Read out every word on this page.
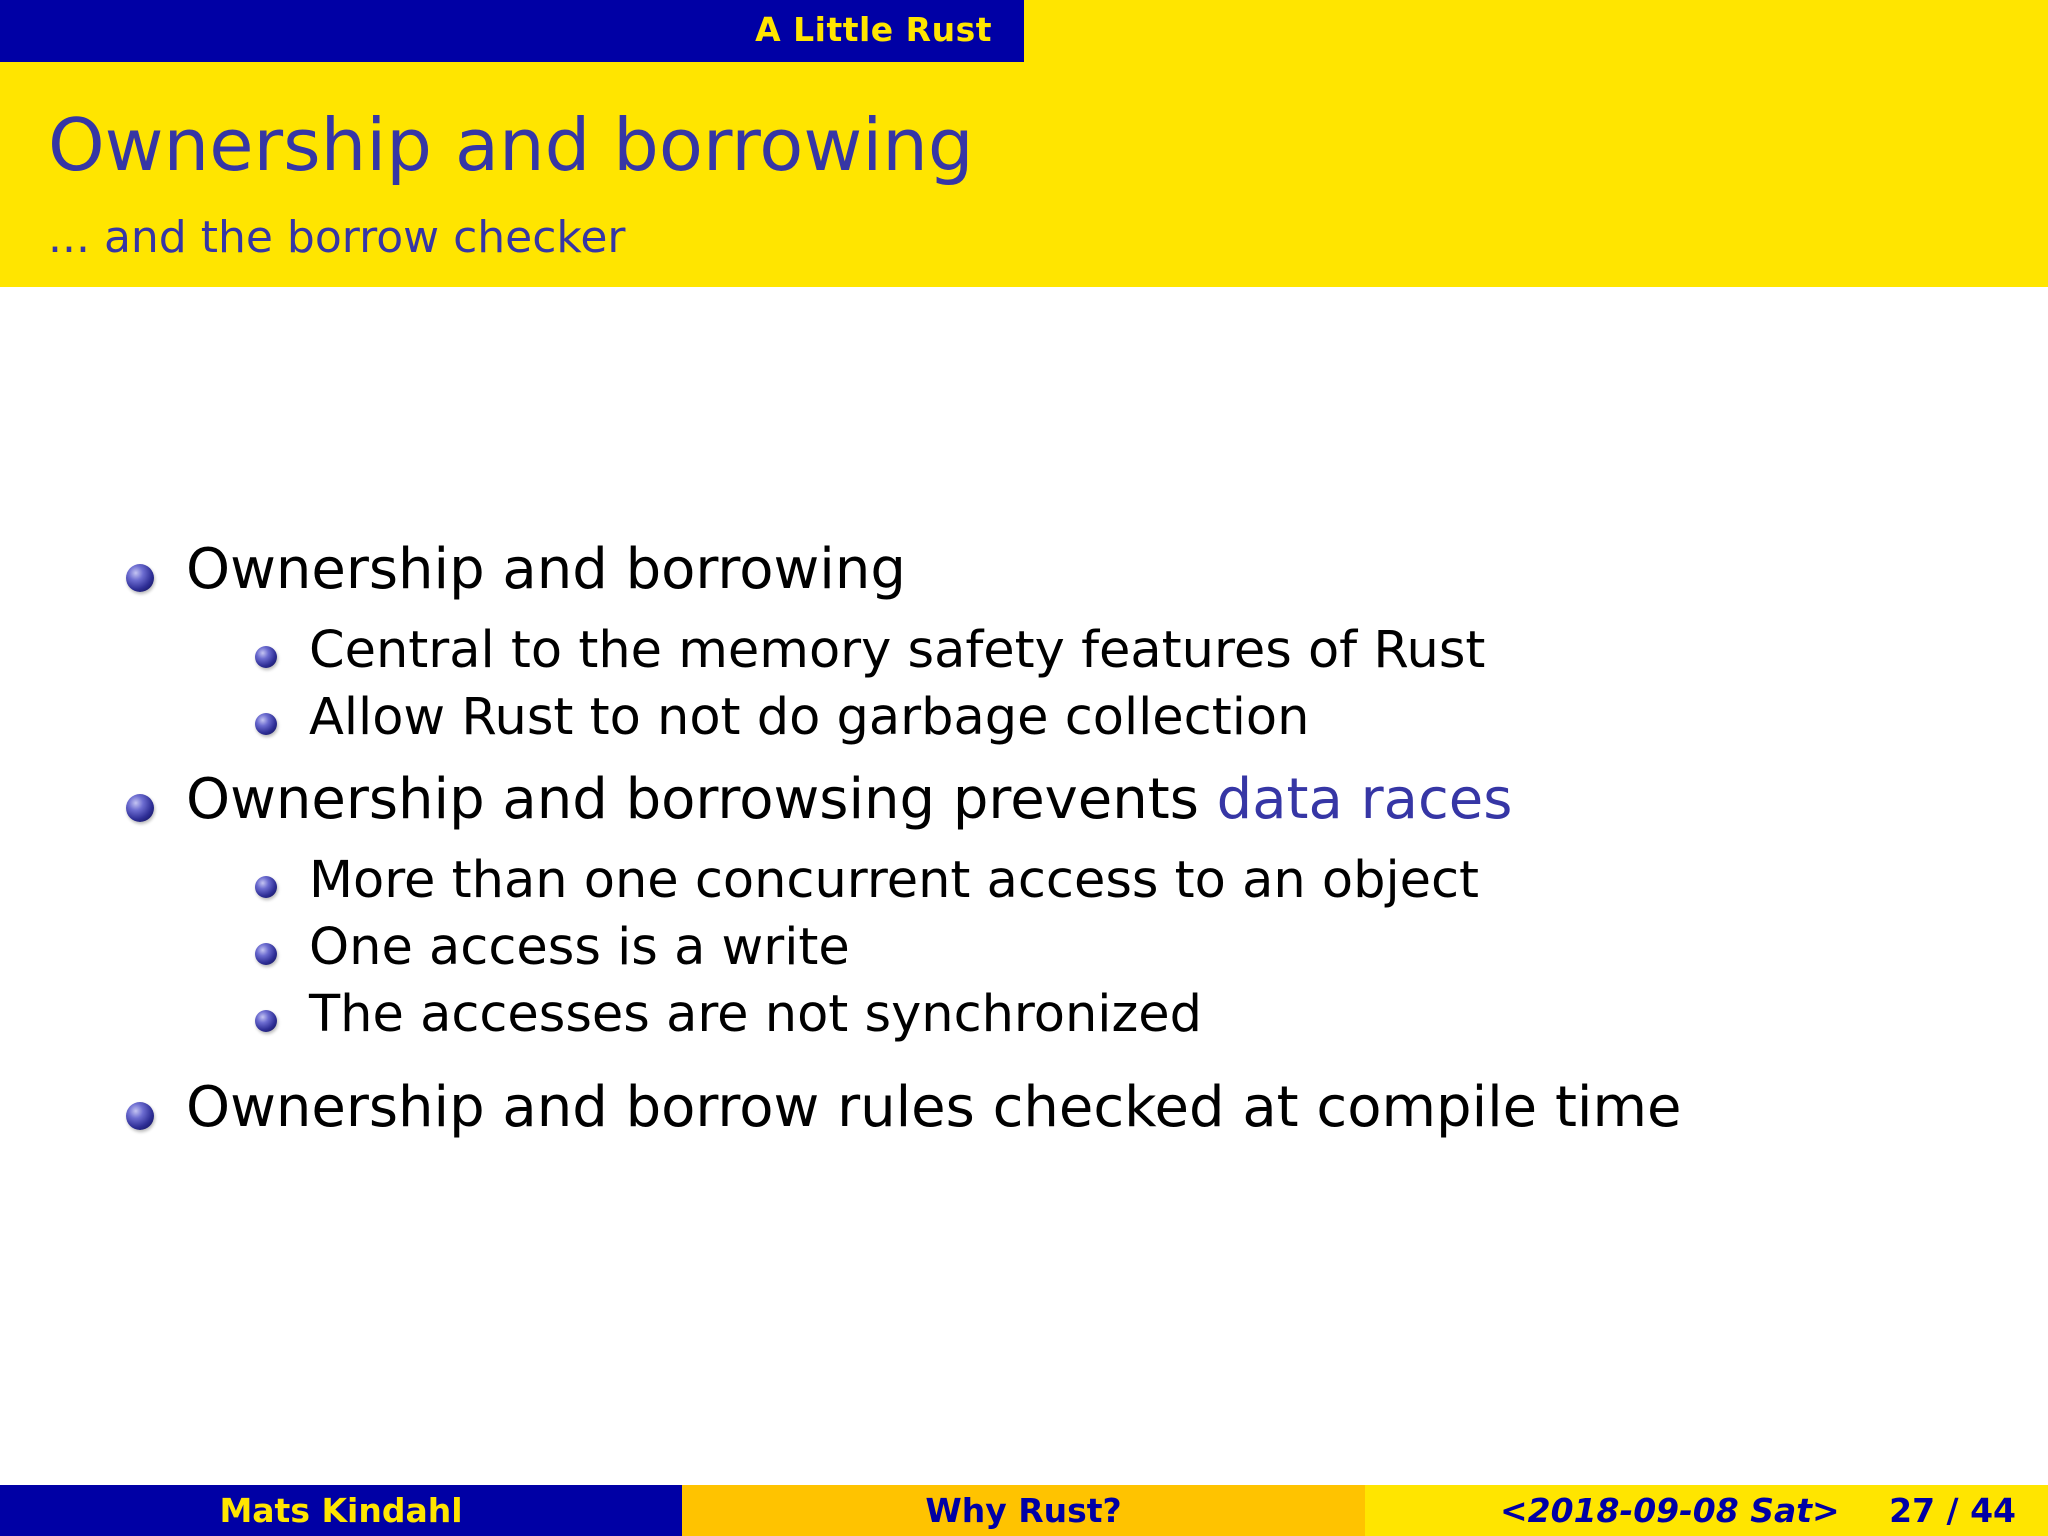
A Little Rust
Ownership and borrowing
... and the borrow checker
Ownership and borrowing
Central to the memory safety features of Rust
Allow Rust to not do garbage collection
Ownership and borrowsing prevents data races
More than one concurrent access to an object
One access is a write
The accesses are not synchronized
Ownership and borrow rules checked at compile time
Mats Kindahl	Why Rust?	<2018-09-08 Sat> 27 / 44
